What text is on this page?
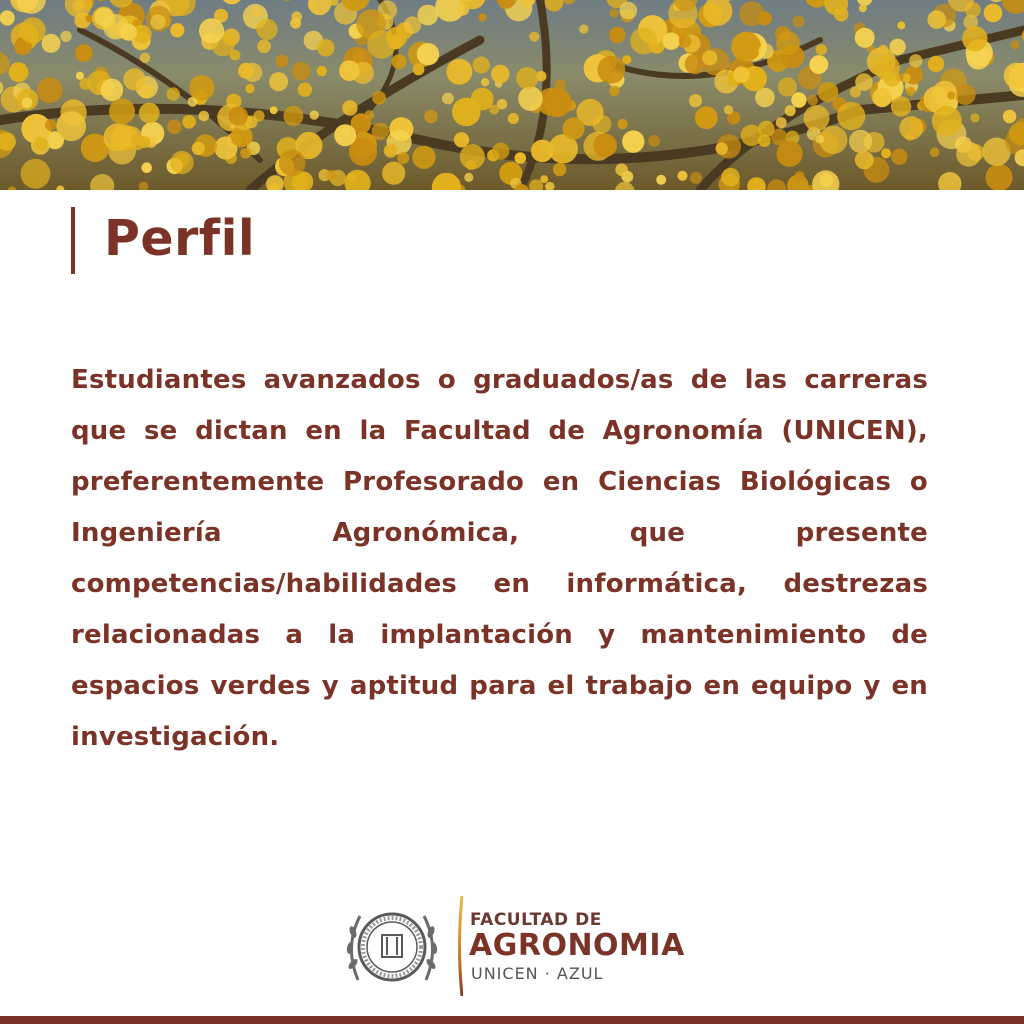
Perfil

Estudiantes avanzados o graduados/as de las carreras que se dictan en la Facultad de Agronomía (UNICEN), preferentemente Profesorado en Ciencias Biológicas o Ingeniería Agronómica, que presente competencias/habilidades en informática, destrezas relacionadas a la implantación y mantenimiento de espacios verdes y aptitud para el trabajo en equipo y en investigación.

FACULTAD DE
AGRONOMIA
UNICEN · AZUL
